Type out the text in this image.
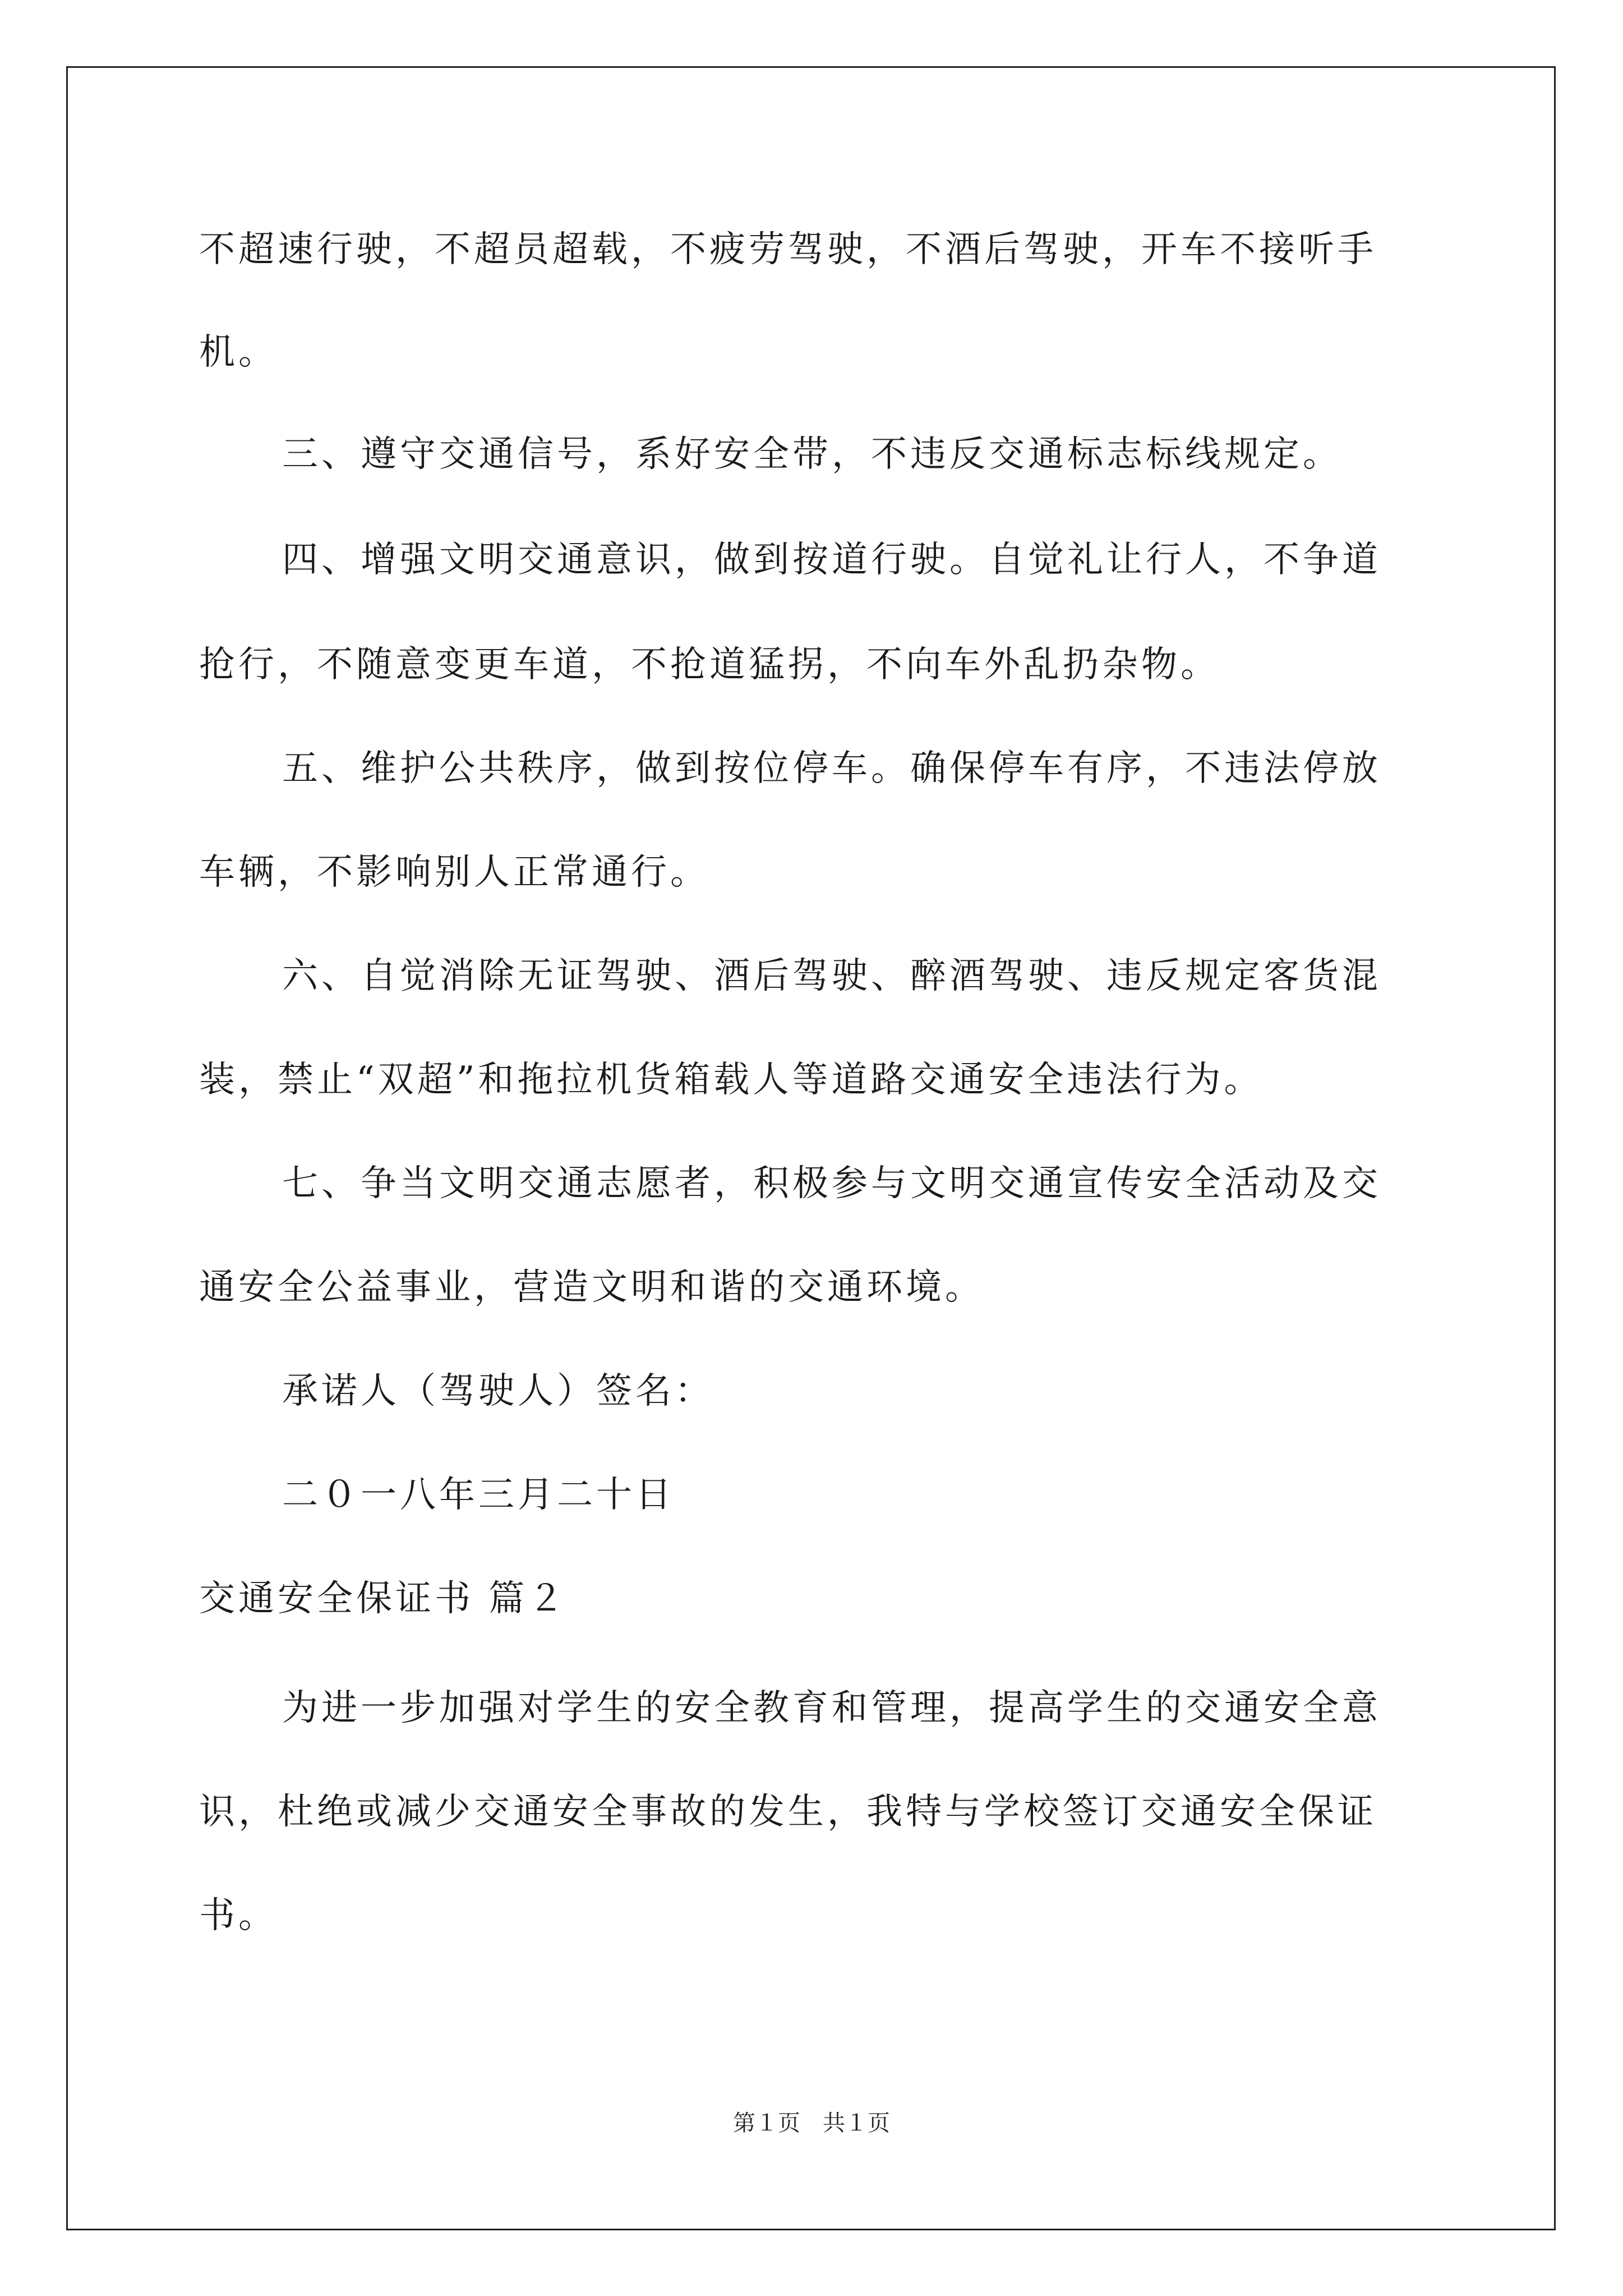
不超速行驶，不超员超载，不疲劳驾驶，不酒后驾驶，开车不接听手
机。
三、遵守交通信号，系好安全带，不违反交通标志标线规定。
四、增强文明交通意识，做到按道行驶。自觉礼让行人，不争道
抢行，不随意变更车道，不抢道猛拐，不向车外乱扔杂物。
五、维护公共秩序，做到按位停车。确保停车有序，不违法停放
车辆，不影响别人正常通行。
六、自觉消除无证驾驶、酒后驾驶、醉酒驾驶、违反规定客货混
装，禁止“双超”和拖拉机货箱载人等道路交通安全违法行为。
七、争当文明交通志愿者，积极参与文明交通宣传安全活动及交
通安全公益事业，营造文明和谐的交通环境。
承诺人（驾驶人）签名：
二０一八年三月二十日
交通安全保证书 篇２
为进一步加强对学生的安全教育和管理，提高学生的交通安全意
识，杜绝或减少交通安全事故的发生，我特与学校签订交通安全保证
书。
第１页　共１页
